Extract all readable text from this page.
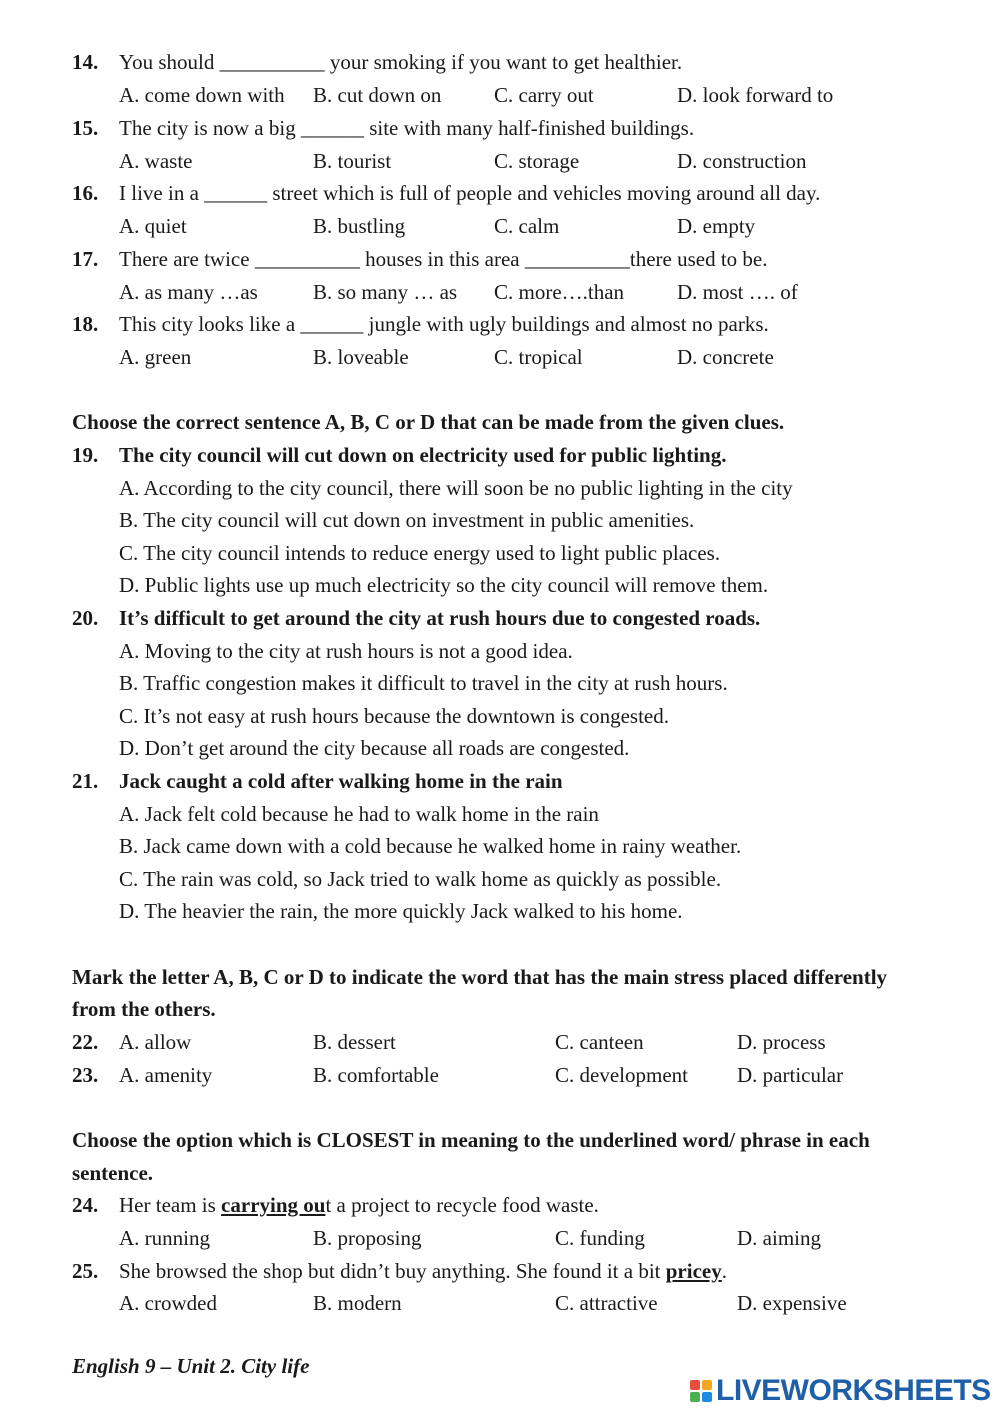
14. You should __________ your smoking if you want to get healthier.
A. come down with B. cut down on	C. carry out	D. look forward to
15. The city is now a big ______ site with many half-finished buildings.
A. waste	B. tourist	C. storage	D. construction
16. I live in a ______ street which is full of people and vehicles moving around all day.
A. quiet	B. bustling	C. calm	D. empty
17. There are twice __________ houses in this area __________there used to be.
A. as many …as	B. so many … as C. more….than	D. most …. of
18. This city looks like a ______ jungle with ugly buildings and almost no parks.
A. green	B. loveable	C. tropical	D. concrete
Choose the correct sentence A, B, C or D that can be made from the given clues.
19. The city council will cut down on electricity used for public lighting.
A. According to the city council, there will soon be no public lighting in the city
B. The city council will cut down on investment in public amenities.
C. The city council intends to reduce energy used to light public places.
D. Public lights use up much electricity so the city council will remove them.
20. It’s difficult to get around the city at rush hours due to congested roads.
A. Moving to the city at rush hours is not a good idea.
B. Traffic congestion makes it difficult to travel in the city at rush hours.
C. It’s not easy at rush hours because the downtown is congested.
D. Don’t get around the city because all roads are congested.
21. Jack caught a cold after walking home in the rain
A. Jack felt cold because he had to walk home in the rain
B. Jack came down with a cold because he walked home in rainy weather.
C. The rain was cold, so Jack tried to walk home as quickly as possible.
D. The heavier the rain, the more quickly Jack walked to his home.
Mark the letter A, B, C or D to indicate the word that has the main stress placed differently
from the others.
22. A. allow	B. dessert	C. canteen	D. process
23. A. amenity	B. comfortable	C. development D. particular
Choose the option which is CLOSEST in meaning to the underlined word/ phrase in each
sentence.
24. Her team is carrying out a project to recycle food waste.
A. running	B. proposing	C. funding	D. aiming
25. She browsed the shop but didn’t buy anything. She found it a bit pricey.
A. crowded	B. modern	C. attractive	D. expensive
English 9 – Unit 2. City life
LIVEWORKSHEETS
